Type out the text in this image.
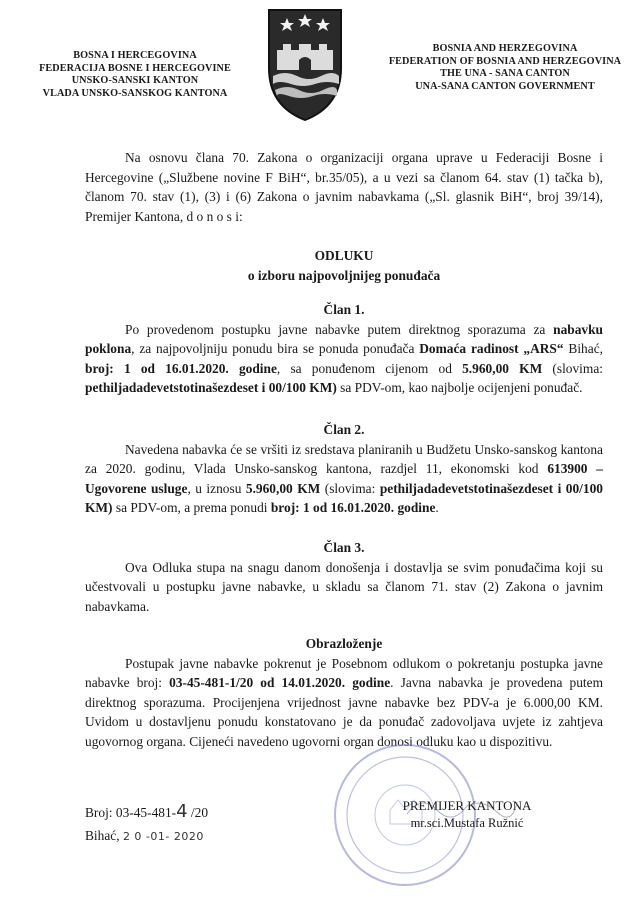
BOSNA I HERCEGOVINA
FEDERACIJA BOSNE I HERCEGOVINE
UNSKO-SANSKI KANTON
VLADA UNSKO-SANSKOG KANTONA
BOSNIA AND HERZEGOVINA
FEDERATION OF BOSNIA AND HERZEGOVINA
THE UNA - SANA CANTON
UNA-SANA CANTON GOVERNMENT

Na osnovu člana 70. Zakona o organizaciji organa uprave u Federaciji Bosne i Hercegovine („Službene novine F BiH“, br.35/05), a u vezi sa članom 64. stav (1) tačka b), članom 70. stav (1), (3) i (6) Zakona o javnim nabavkama („Sl. glasnik BiH“, broj 39/14), Premijer Kantona, d o n o s i:

ODLUKU
o izboru najpovoljnijeg ponuđača
Član 1.

Po provedenom postupku javne nabavke putem direktnog sporazuma za nabavku poklona, za najpovoljniju ponudu bira se ponuda ponuđača Domaća radinost „ARS“ Bihać, broj: 1 od 16.01.2020. godine, sa ponuđenom cijenom od 5.960,00 KM (slovima: pethiljadadevetstotinašezdeset i 00/100 KM) sa PDV-om, kao najbolje ocijenjeni ponuđač.

Član 2.

Navedena nabavka će se vršiti iz sredstava planiranih u Budžetu Unsko-sanskog kantona za 2020. godinu, Vlada Unsko-sanskog kantona, razdjel 11, ekonomski kod 613900 – Ugovorene usluge, u iznosu 5.960,00 KM (slovima: pethiljadadevetstotinašezdeset i 00/100 KM) sa PDV-om, a prema ponudi broj: 1 od 16.01.2020. godine.

Član 3.

Ova Odluka stupa na snagu danom donošenja i dostavlja se svim ponuđačima koji su učestvovali u postupku javne nabavke, u skladu sa članom 71. stav (2) Zakona o javnim nabavkama.

Obrazloženje

Postupak javne nabavke pokrenut je Posebnom odlukom o pokretanju postupka javne nabavke broj: 03-45-481-1/20 od 14.01.2020. godine. Javna nabavka je provedena putem direktnog sporazuma. Procijenjena vrijednost javne nabavke bez PDV-a je 6.000,00 KM. Uvidom u dostavljenu ponudu konstatovano je da ponuđač zadovoljava uvjete iz zahtjeva ugovornog organa. Cijeneći navedeno ugovorni organ donosi odluku kao u dispozitivu.

Broj: 03-45-481-4 /20
Bihać, 2 0 -01- 2020
PREMIJER KANTONA
mr.sci.Mustafa Ružnić
